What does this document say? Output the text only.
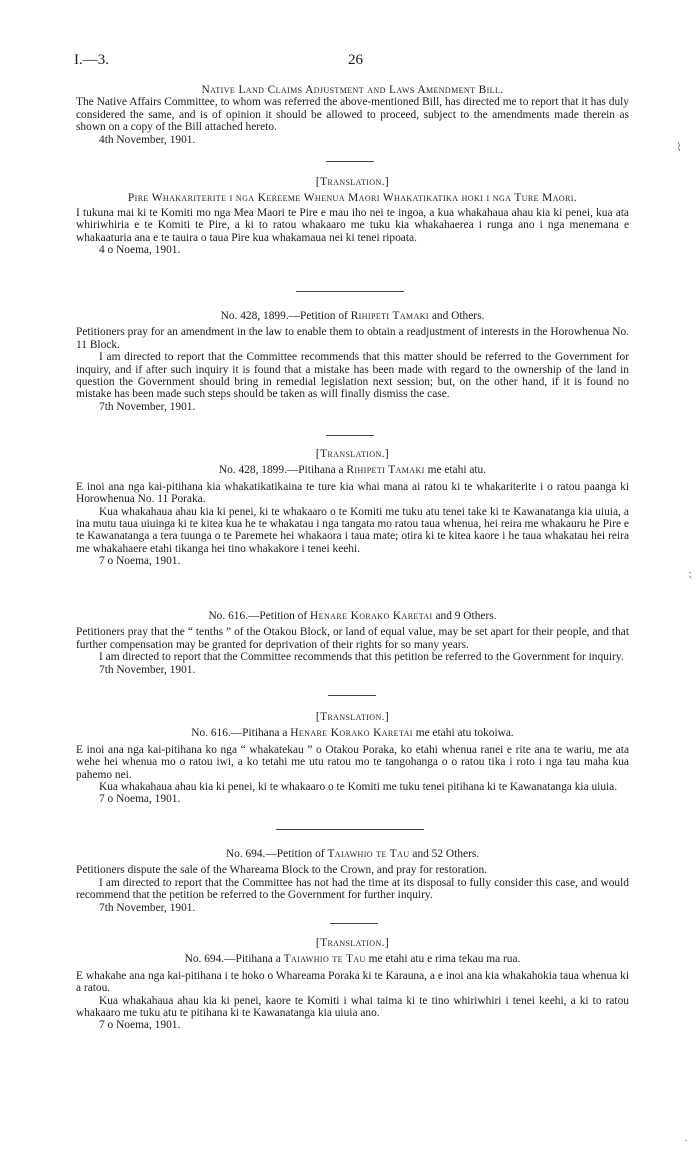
I.—3.	26
Native Land Claims Adjustment and Laws Amendment Bill.
The Native Affairs Committee, to whom was referred the above-mentioned Bill, has directed me to report that it has duly considered the same, and is of opinion it should be allowed to proceed, subject to the amendments made therein as shown on a copy of the Bill attached hereto.
4th November, 1901.
[Translation.]
Pire Whakariterite i nga Kereeme Whenua Maori Whakatikatika hoki i nga Ture Maori.
I tukuna mai ki te Komiti mo nga Mea Maori te Pire e mau iho nei te ingoa, a kua whakahaua ahau kia ki penei, kua ata whiriwhiria e te Komiti te Pire, a ki to ratou whakaaro me tuku kia whakahaerea i runga ano i nga menemana e whakaaturia ana e te tauira o taua Pire kua whakamaua nei ki tenei ripoata.
4 o Noema, 1901.
No. 428, 1899.—Petition of Rihipeti Tamaki and Others.
Petitioners pray for an amendment in the law to enable them to obtain a readjustment of interests in the Horowhenua No. 11 Block.
I am directed to report that the Committee recommends that this matter should be referred to the Government for inquiry, and if after such inquiry it is found that a mistake has been made with regard to the ownership of the land in question the Government should bring in remedial legislation next session; but, on the other hand, if it is found no mistake has been made such steps should be taken as will finally dismiss the case.
7th November, 1901.
[Translation.]
No. 428, 1899.—Pitihana a Rihipeti Tamaki me etahi atu.
E inoi ana nga kai-pitihana kia whakatikatikaina te ture kia whai mana ai ratou ki te whakariterite i o ratou paanga ki Horowhenua No. 11 Poraka.
Kua whakahaua ahau kia ki penei, ki te whakaaro o te Komiti me tuku atu tenei take ki te Kawanatanga kia uiuia, a ina mutu taua uiuinga ki te kitea kua he te whakatau i nga tangata mo ratou taua whenua, hei reira me whakauru he Pire e te Kawanatanga a tera tuunga o te Paremete hei whakaora i taua mate; otira ki te kitea kaore i he taua whakatau hei reira me whakahaere etahi tikanga hei tino whakakore i tenei keehi.
7 o Noema, 1901.
No. 616.—Petition of Henare Korako Karetai and 9 Others.
Petitioners pray that the “ tenths ” of the Otakou Block, or land of equal value, may be set apart for their people, and that further compensation may be granted for deprivation of their rights for so many years.
I am directed to report that the Committee recommends that this petition be referred to the Government for inquiry.
7th November, 1901.
[Translation.]
No. 616.—Pitihana a Henare Korako Karetai me etahi atu tokoiwa.
E inoi ana nga kai-pitihana ko nga “ whakatekau ” o Otakou Poraka, ko etahi whenua ranei e rite ana te wariu, me ata wehe hei whenua mo o ratou iwi, a ko tetahi me utu ratou mo te tangohanga o o ratou tika i roto i nga tau maha kua pahemo nei.
Kua whakahaua ahau kia ki penei, ki te whakaaro o te Komiti me tuku tenei pitihana ki te Kawanatanga kia uiuia.
7 o Noema, 1901.
No. 694.—Petition of Taiawhio te Tau and 52 Others.
Petitioners dispute the sale of the Whareama Block to the Crown, and pray for restoration.
I am directed to report that the Committee has not had the time at its disposal to fully consider this case, and would recommend that the petition be referred to the Government for further inquiry.
7th November, 1901.
[Translation.]
No. 694.—Pitihana a Taiawhio te Tau me etahi atu e rima tekau ma rua.
E whakahe ana nga kai-pitihana i te hoko o Whareama Poraka ki te Karauna, a e inoi ana kia whakahokia taua whenua ki a ratou.
Kua whakahaua ahau kia ki penei, kaore te Komiti i whai taima ki te tino whiriwhiri i tenei keehi, a ki to ratou whakaaro me tuku atu te pitihana ki te Kawanatanga kia uiuia ano.
7 o Noema, 1901.
⌇
⁏
ˎ
